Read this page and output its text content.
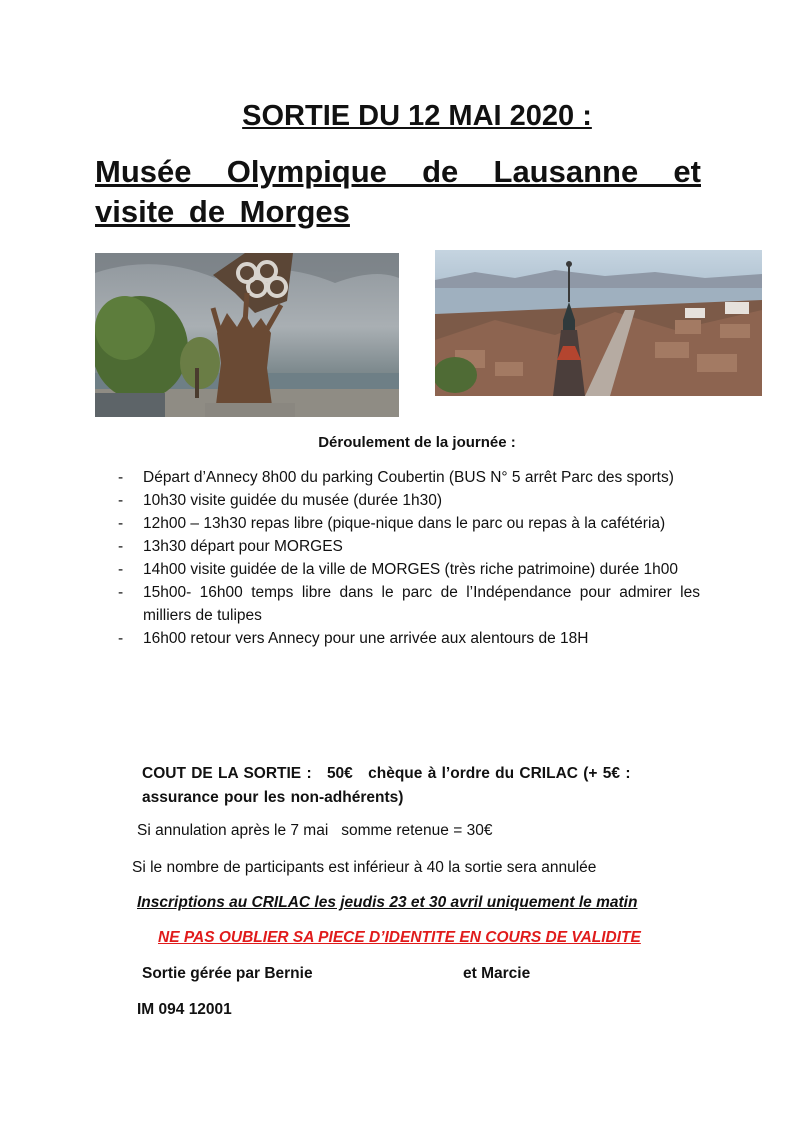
SORTIE DU 12 MAI 2020 :
Musée Olympique de Lausanne et visite de Morges
Déroulement de la journée :
- Départ d’Annecy 8h00 du parking Coubertin (BUS N° 5 arrêt Parc des sports)
- 10h30 visite guidée du musée (durée 1h30)
- 12h00 – 13h30 repas libre (pique-nique dans le parc ou repas à la cafétéria)
- 13h30 départ pour MORGES
- 14h00 visite guidée de la ville de MORGES (très riche patrimoine) durée 1h00
- 15h00- 16h00 temps libre dans le parc de l’Indépendance pour admirer les milliers de tulipes
- 16h00 retour vers Annecy pour une arrivée aux alentours de 18H

COUT DE LA SORTIE : 50€ chèque à l’ordre du CRILAC (+ 5€ : assurance pour les non-adhérents)

Si annulation après le 7 mai somme retenue = 30€

Si le nombre de participants est inférieur à 40 la sortie sera annulée

Inscriptions au CRILAC les jeudis 23 et 30 avril uniquement le matin

NE PAS OUBLIER SA PIECE D’IDENTITE EN COURS DE VALIDITE

Sortie gérée par Bernie	et Marcie

IM 094 12001
